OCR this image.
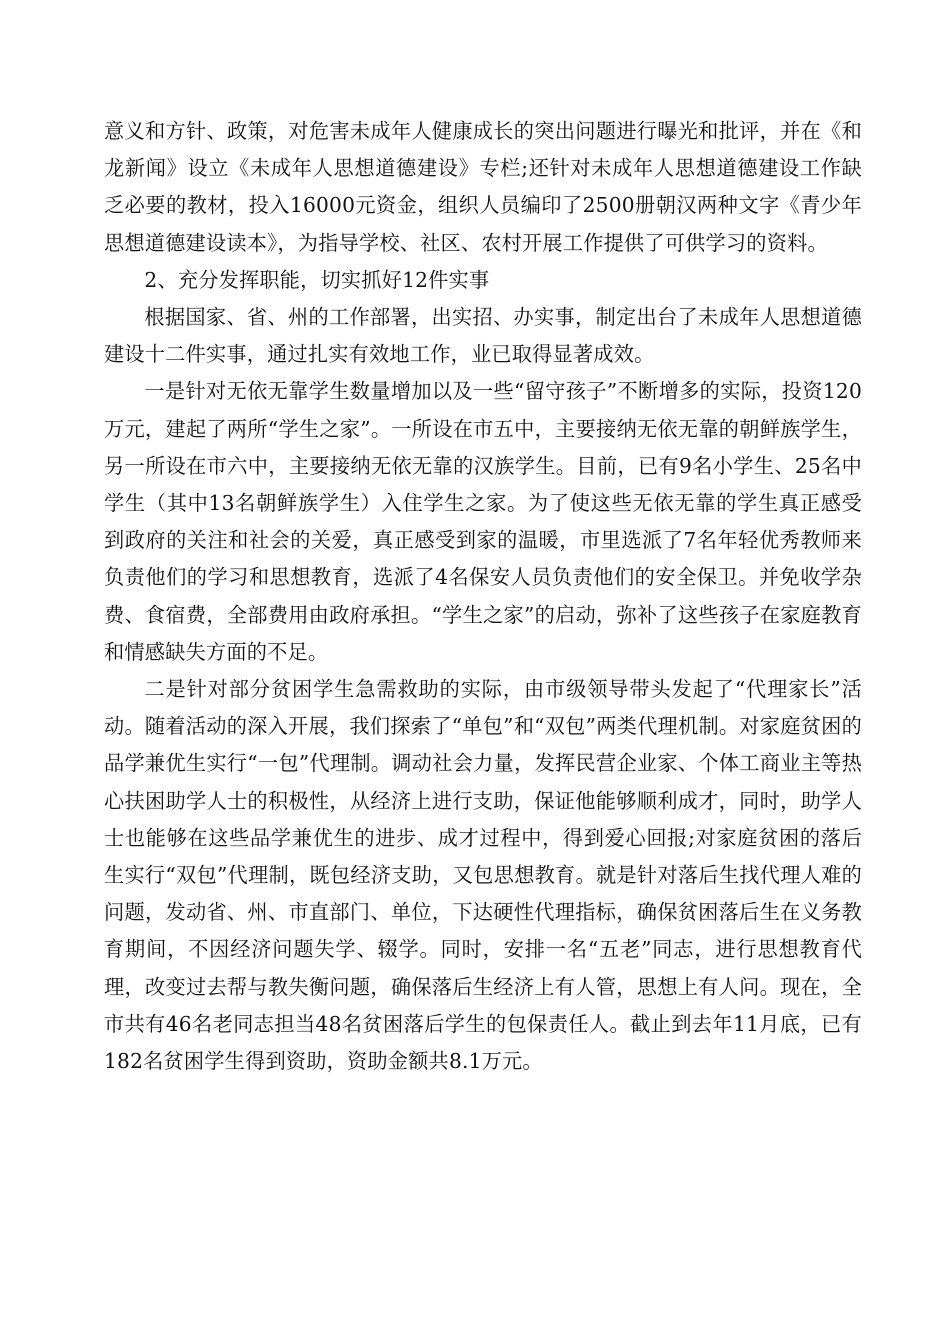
意义和方针、政策，对危害未成年人健康成长的突出问题进行曝光和批评，并在《和龙新闻》设立《未成年人思想道德建设》专栏;还针对未成年人思想道德建设工作缺乏必要的教材，投入16000元资金，组织人员编印了2500册朝汉两种文字《青少年思想道德建设读本》，为指导学校、社区、农村开展工作提供了可供学习的资料。

2、充分发挥职能，切实抓好12件实事

根据国家、省、州的工作部署，出实招、办实事，制定出台了未成年人思想道德建设十二件实事，通过扎实有效地工作，业已取得显著成效。

一是针对无依无靠学生数量增加以及一些“留守孩子”不断增多的实际，投资120万元，建起了两所“学生之家”。一所设在市五中，主要接纳无依无靠的朝鲜族学生，另一所设在市六中，主要接纳无依无靠的汉族学生。目前，已有9名小学生、25名中学生（其中13名朝鲜族学生）入住学生之家。为了使这些无依无靠的学生真正感受到政府的关注和社会的关爱，真正感受到家的温暖，市里选派了7名年轻优秀教师来负责他们的学习和思想教育，选派了4名保安人员负责他们的安全保卫。并免收学杂费、食宿费，全部费用由政府承担。“学生之家”的启动，弥补了这些孩子在家庭教育和情感缺失方面的不足。

二是针对部分贫困学生急需救助的实际，由市级领导带头发起了“代理家长”活动。随着活动的深入开展，我们探索了“单包”和“双包”两类代理机制。对家庭贫困的品学兼优生实行“一包”代理制。调动社会力量，发挥民营企业家、个体工商业主等热心扶困助学人士的积极性，从经济上进行支助，保证他能够顺利成才，同时，助学人士也能够在这些品学兼优生的进步、成才过程中，得到爱心回报;对家庭贫困的落后生实行“双包”代理制，既包经济支助，又包思想教育。就是针对落后生找代理人难的问题，发动省、州、市直部门、单位，下达硬性代理指标，确保贫困落后生在义务教育期间，不因经济问题失学、辍学。同时，安排一名“五老”同志，进行思想教育代理，改变过去帮与教失衡问题，确保落后生经济上有人管，思想上有人问。现在，全市共有46名老同志担当48名贫困落后学生的包保责任人。截止到去年11月底，已有182名贫困学生得到资助，资助金额共8.1万元。
